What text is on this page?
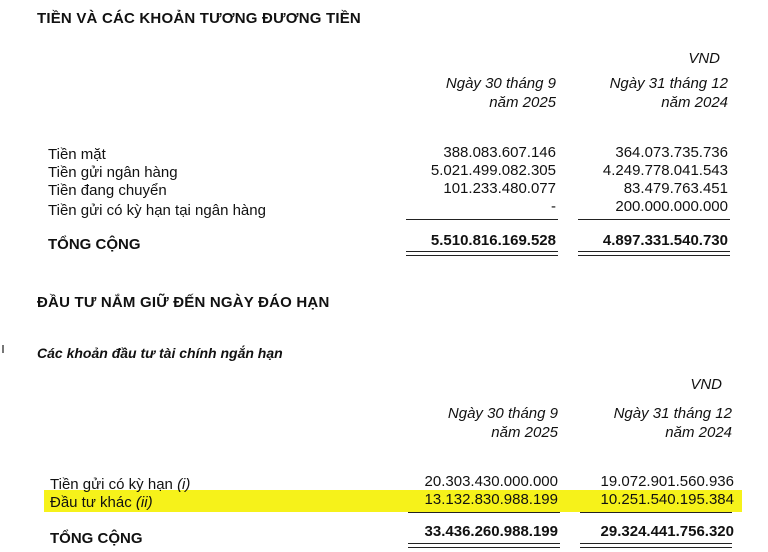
TIỀN VÀ CÁC KHOẢN TƯƠNG ĐƯƠNG TIỀN
VND
Ngày 30 tháng 9
năm 2025
Ngày 31 tháng 12
năm 2024
Tiền mặt	388.083.607.146	364.073.735.736
Tiền gửi ngân hàng	5.021.499.082.305	4.249.778.041.543
Tiền đang chuyển	101.233.480.077	83.479.763.451
Tiền gửi có kỳ hạn tại ngân hàng	-	200.000.000.000
TỔNG CỘNG	5.510.816.169.528	4.897.331.540.730
ĐẦU TƯ NẮM GIỮ ĐẾN NGÀY ĐÁO HẠN
Các khoản đầu tư tài chính ngắn hạn
VND
Ngày 30 tháng 9
năm 2025
Ngày 31 tháng 12
năm 2024
Tiền gửi có kỳ hạn (i)	20.303.430.000.000	19.072.901.560.936
Đầu tư khác (ii)	13.132.830.988.199	10.251.540.195.384
TỔNG CỘNG	33.436.260.988.199	29.324.441.756.320
